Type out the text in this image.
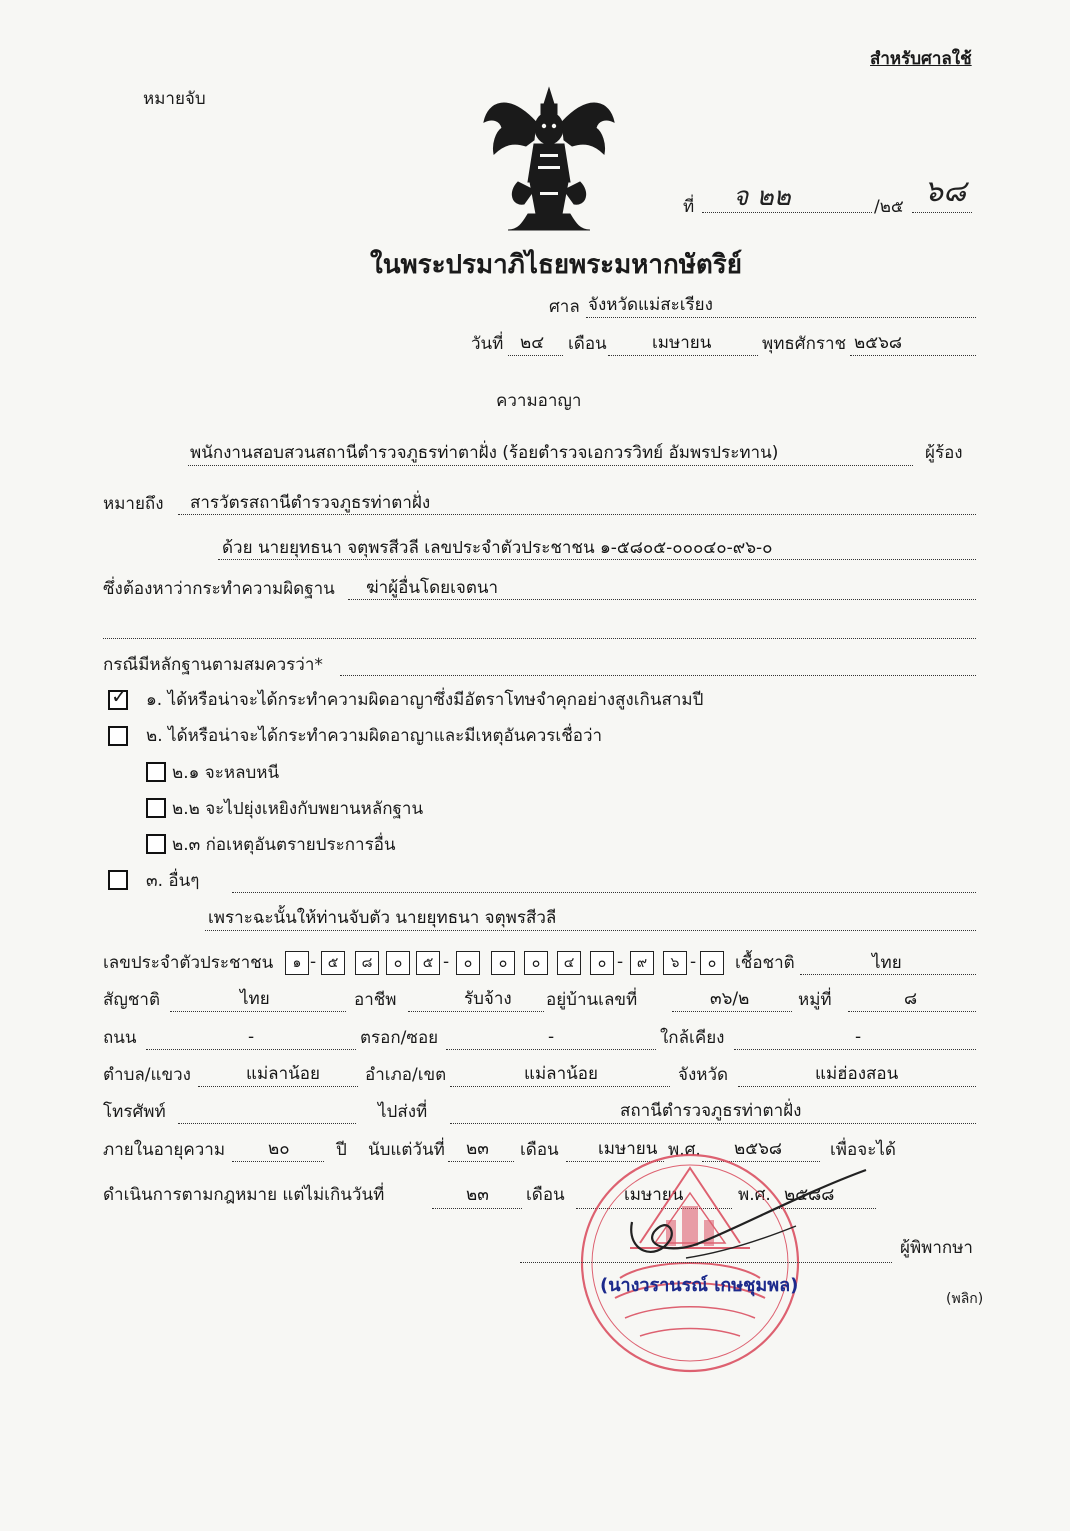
สำหรับศาลใช้
หมายจับ
ที่ จ ๒๒	/๒๕ ๖๘
ในพระปรมาภิไธยพระมหากษัตริย์
ศาล จังหวัดแม่สะเรียง
วันที่ ๒๔ เดือน	เมษายน	พุทธศักราช ๒๕๖๘
ความอาญา
พนักงานสอบสวนสถานีตำรวจภูธรท่าตาฝั่ง (ร้อยตำรวจเอกวรวิทย์ อัมพรประทาน)	ผู้ร้อง
หมายถึง สารวัตรสถานีตำรวจภูธรท่าตาฝั่ง
ด้วย นายยุทธนา จตุพรสีวลี เลขประจำตัวประชาชน ๑-๕๘๐๕-๐๐๐๔๐-๙๖-๐
ซึ่งต้องหาว่ากระทำความผิดฐาน ฆ่าผู้อื่นโดยเจตนา
กรณีมีหลักฐานตามสมควรว่า*
✓ ๑. ได้หรือน่าจะได้กระทำความผิดอาญาซึ่งมีอัตราโทษจำคุกอย่างสูงเกินสามปี
๒. ได้หรือน่าจะได้กระทำความผิดอาญาและมีเหตุอันควรเชื่อว่า
๒.๑ จะหลบหนี
๒.๒ จะไปยุ่งเหยิงกับพยานหลักฐาน
๒.๓ ก่อเหตุอันตรายประการอื่น
๓. อื่นๆ
เพราะฉะนั้นให้ท่านจับตัว นายยุทธนา จตุพรสีวลี
เลขประจำตัวประชาชน	๑ - ๕	๘	๐	๕ -	๐	๐	๐	๔	๐ - ๙	๖ - ๐	เชื้อชาติ	ไทย
สัญชาติ	ไทย	อาชีพ	รับจ้าง อยู่บ้านเลขที่	๓๖/๒	หมู่ที่	๘
ถนน	-	ตรอก/ซอย	-	ใกล้เคียง	-
ตำบล/แขวง	แม่ลาน้อย	อำเภอ/เขต	แม่ลาน้อย	จังหวัด	แม่ฮ่องสอน
โทรศัพท์	ไปส่งที่	สถานีตำรวจภูธรท่าตาฝั่ง
ภายในอายุความ	๒๐	ปี นับแต่วันที่ ๒๓ เดือน เมษายน พ.ศ. ๒๕๖๘	เพื่อจะได้
ดำเนินการตามกฎหมาย แต่ไม่เกินวันที่	๒๓ เดือน	เมษายน	พ.ศ. ๒๕๘๘
ผู้พิพากษา
(นางวรานรณ์ เกษชุมพล)
(พลิก)
